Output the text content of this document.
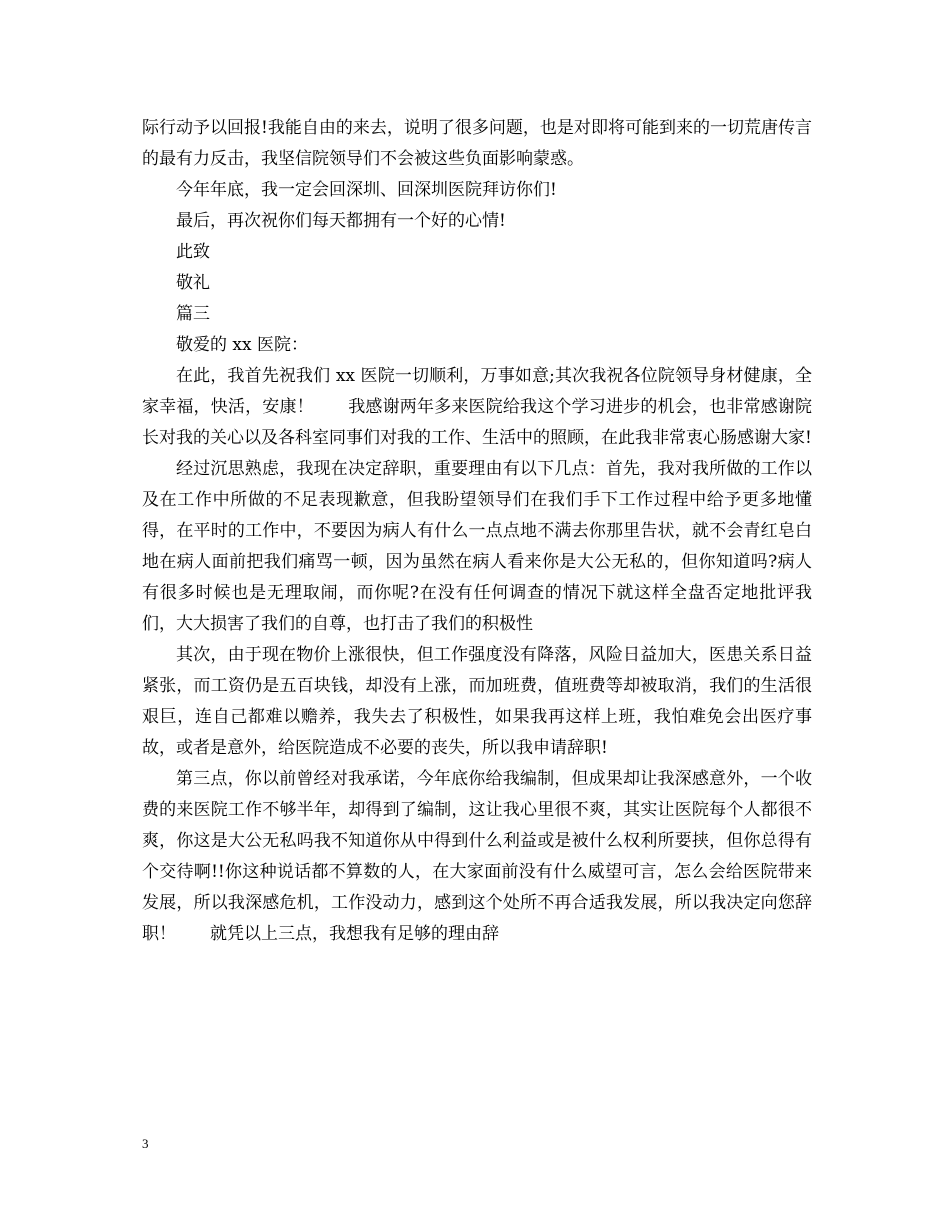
际行动予以回报!我能自由的来去，说明了很多问题，也是对即将可能到来的一切荒唐传言的最有力反击，我坚信院领导们不会被这些负面影响蒙惑。

今年年底，我一定会回深圳、回深圳医院拜访你们!

最后，再次祝你们每天都拥有一个好的心情!

此致

敬礼

篇三

敬爱的 xx 医院：

在此，我首先祝我们 xx 医院一切顺利，万事如意;其次我祝各位院领导身材健康，全家幸福，快活，安康！　　我感谢两年多来医院给我这个学习进步的机会，也非常感谢院长对我的关心以及各科室同事们对我的工作、生活中的照顾，在此我非常衷心肠感谢大家!

经过沉思熟虑，我现在决定辞职，重要理由有以下几点：首先，我对我所做的工作以及在工作中所做的不足表现歉意，但我盼望领导们在我们手下工作过程中给予更多地懂得，在平时的工作中，不要因为病人有什么一点点地不满去你那里告状，就不会青红皂白地在病人面前把我们痛骂一顿，因为虽然在病人看来你是大公无私的，但你知道吗?病人有很多时候也是无理取闹，而你呢?在没有任何调查的情况下就这样全盘否定地批评我们，大大损害了我们的自尊，也打击了我们的积极性

其次，由于现在物价上涨很快，但工作强度没有降落，风险日益加大，医患关系日益紧张，而工资仍是五百块钱，却没有上涨，而加班费，值班费等却被取消，我们的生活很艰巨，连自己都难以赡养，我失去了积极性，如果我再这样上班，我怕难免会出医疗事故，或者是意外，给医院造成不必要的丧失，所以我申请辞职!

第三点，你以前曾经对我承诺，今年底你给我编制，但成果却让我深感意外，一个收费的来医院工作不够半年，却得到了编制，这让我心里很不爽，其实让医院每个人都很不爽，你这是大公无私吗我不知道你从中得到什么利益或是被什么权利所要挟，但你总得有个交待啊!!你这种说话都不算数的人，在大家面前没有什么威望可言，怎么会给医院带来发展，所以我深感危机，工作没动力，感到这个处所不再合适我发展，所以我决定向您辞职！　　就凭以上三点，我想我有足够的理由辞

3
